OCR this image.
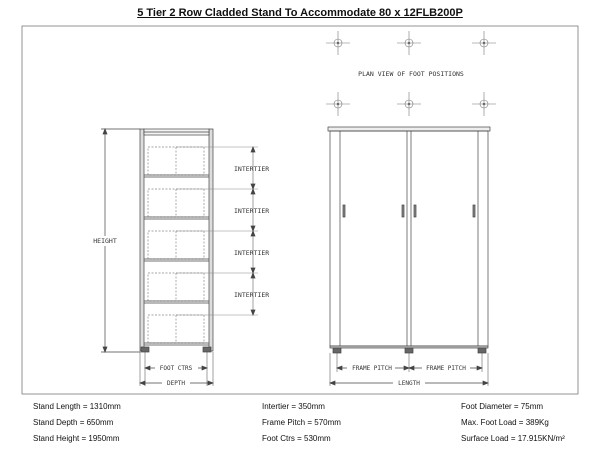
5 Tier 2 Row Cladded Stand To Accommodate 80 x 12FLB200P
PLAN VIEW OF FOOT POSITIONS
HEIGHT
INTERTIER
INTERTIER
INTERTIER
INTERTIER
FOOT CTRS
DEPTH
FRAME PITCH	FRAME PITCH
LENGTH
Stand Length = 1310mm
Stand Depth = 650mm
Stand Height = 1950mm
Intertier = 350mm
Frame Pitch = 570mm
Foot Ctrs = 530mm
Foot Diameter = 75mm
Max. Foot Load = 389Kg
Surface Load = 17.915KN/m²
